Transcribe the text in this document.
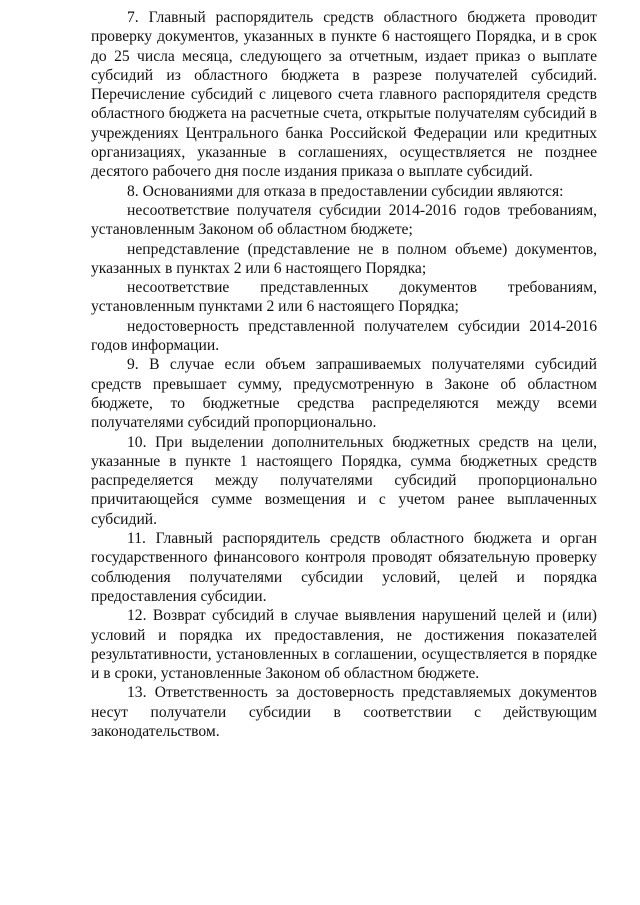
7. Главный распорядитель средств областного бюджета проводит проверку документов, указанных в пункте 6 настоящего Порядка, и в срок до 25 числа месяца, следующего за отчетным, издает приказ о выплате субсидий из областного бюджета в разрезе получателей субсидий. Перечисление субсидий с лицевого счета главного распорядителя средств областного бюджета на расчетные счета, открытые получателям субсидий в учреждениях Центрального банка Российской Федерации или кредитных организациях, указанные в соглашениях, осуществляется не позднее десятого рабочего дня после издания приказа о выплате субсидий.

8. Основаниями для отказа в предоставлении субсидии являются:

несоответствие получателя субсидии 2014-2016 годов требованиям, установленным Законом об областном бюджете;

непредставление (представление не в полном объеме) документов, указанных в пунктах 2 или 6 настоящего Порядка;

несоответствие представленных документов требованиям, установленным пунктами 2 или 6 настоящего Порядка;

недостоверность представленной получателем субсидии 2014-2016 годов информации.

9. В случае если объем запрашиваемых получателями субсидий средств превышает сумму, предусмотренную в Законе об областном бюджете, то бюджетные средства распределяются между всеми получателями субсидий пропорционально.

10. При выделении дополнительных бюджетных средств на цели, указанные в пункте 1 настоящего Порядка, сумма бюджетных средств распределяется между получателями субсидий пропорционально причитающейся сумме возмещения и с учетом ранее выплаченных субсидий.

11. Главный распорядитель средств областного бюджета и орган государственного финансового контроля проводят обязательную проверку соблюдения получателями субсидии условий, целей и порядка предоставления субсидии.

12. Возврат субсидий в случае выявления нарушений целей и (или) условий и порядка их предоставления, не достижения показателей результативности, установленных в соглашении, осуществляется в порядке и в сроки, установленные Законом об областном бюджете.

13. Ответственность за достоверность представляемых документов несут получатели субсидии в соответствии с действующим законодательством.
